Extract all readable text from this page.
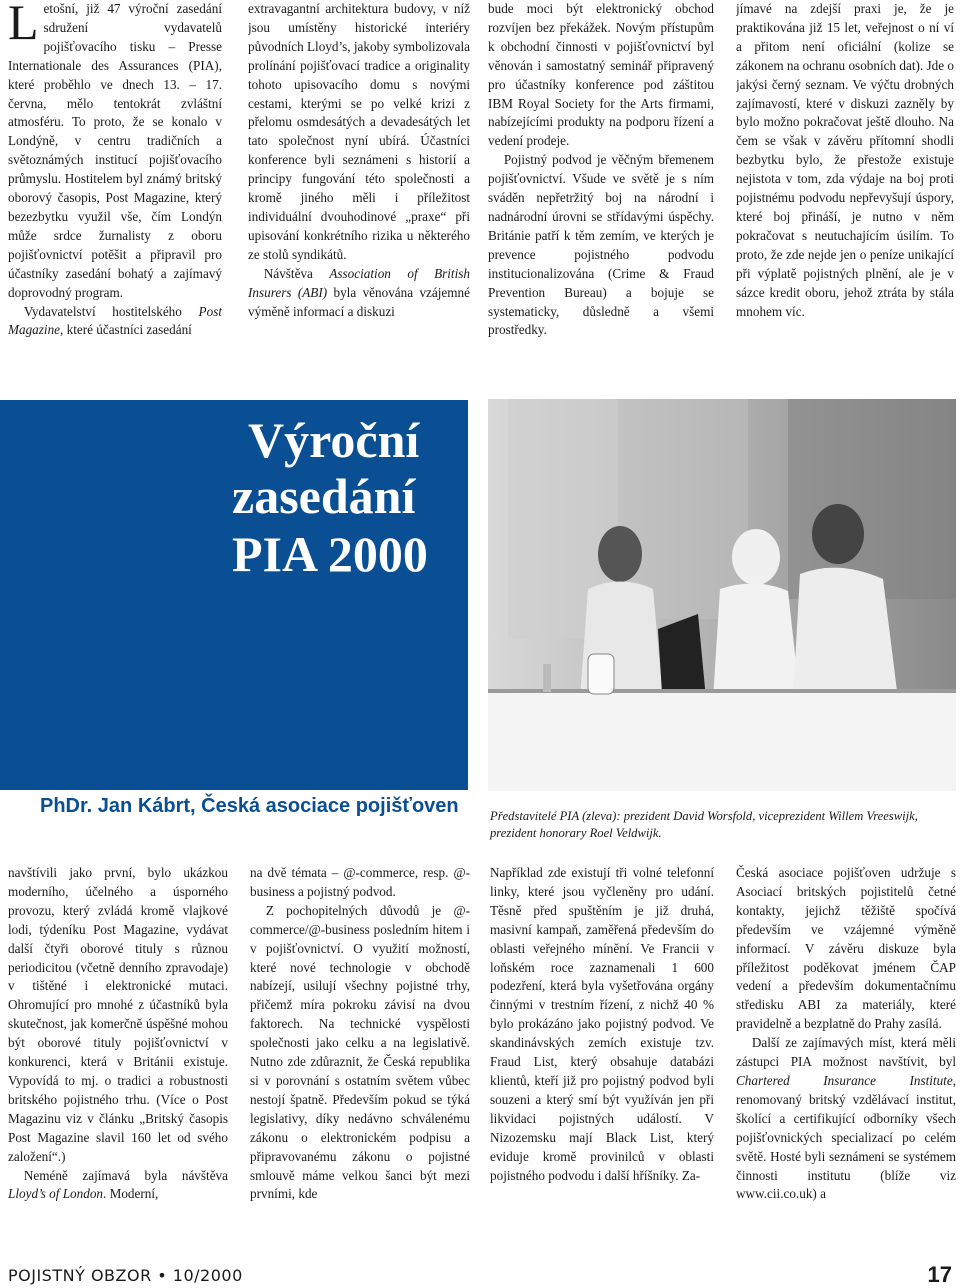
Letošní, již 47 výroční zasedání sdružení vydavatelů pojišťovacího tisku – Presse Internationale des Assurances (PIA), které proběhlo ve dnech 13. – 17. června, mělo tentokrát zvláštní atmosféru. To proto, že se konalo v Londýně, v centru tradičních a světoznámých institucí pojišťovacího průmyslu. Hostitelem byl známý britský oborový časopis, Post Magazine, který bezezbytku využil vše, čím Londýn může srdce žurnalisty z oboru pojišťovnictví potěšit a připravil pro účastníky zasedání bohatý a zajímavý doprovodný program.

Vydavatelství hostitelského Post Magazine, které účastníci zasedání

extravagantní architektura budovy, v níž jsou umístěny historické interiéry původních Lloyd’s, jakoby symbolizovala prolínání pojišťovací tradice a originality tohoto upisovacího domu s novými cestami, kterými se po velké krizi z přelomu osmdesátých a devadesátých let tato společnost nyní ubírá. Účastníci konference byli seznámeni s historií a principy fungování této společnosti a kromě jiného měli i příležitost individuální dvouhodinové „praxe“ při upisování konkrétního rizika u některého ze stolů syndikátů.

Návštěva Association of British Insurers (ABI) byla věnována vzájemné výměně informací a diskuzi

bude moci být elektronický obchod rozvíjen bez překážek. Novým přístupům k obchodní činnosti v pojišťovnictví byl věnován i samostatný seminář připravený pro účastníky konference pod záštitou IBM Royal Society for the Arts firmami, nabízejícími produkty na podporu řízení a vedení prodeje.

Pojistný podvod je věčným břemenem pojišťovnictví. Všude ve světě je s ním sváděn nepřetržitý boj na národní i nadnárodní úrovni se střídavými úspěchy. Británie patří k těm zemím, ve kterých je prevence pojistného podvodu institucionalizována (Crime & Fraud Prevention Bureau) a bojuje se systematicky, důsledně a všemi prostředky.

jímavé na zdejší praxi je, že je praktikována již 15 let, veřejnost o ní ví a přitom není oficiální (kolize se zákonem na ochranu osobních dat). Jde o jakýsi černý seznam. Ve výčtu drobných zajímavostí, které v diskuzi zazněly by bylo možno pokračovat ještě dlouho. Na čem se však v závěru přítomní shodli bezbytku bylo, že přestože existuje nejistota v tom, zda výdaje na boj proti pojistnému podvodu nepřevyšují úspory, které boj přináší, je nutno v něm pokračovat s neutuchajícím úsilím. To proto, že zde nejde jen o peníze unikající při výplatě pojistných plnění, ale je v sázce kredit oboru, jehož ztráta by stála mnohem víc.

Výroční
zasedání
PIA 2000
PhDr. Jan Kábrt, Česká asociace pojišťoven	Představitelé PIA (zleva): prezident David Worsfold, viceprezident Willem Vreeswijk, prezident honorary Roel Veldwijk.

navštívili jako první, bylo ukázkou moderního, účelného a úsporného provozu, který zvládá kromě vlajkové lodi, týdeníku Post Magazine, vydávat další čtyři oborové tituly s různou periodicitou (včetně denního zpravodaje) v tištěné i elektronické mutaci. Ohromující pro mnohé z účastníků byla skutečnost, jak komerčně úspěšné mohou být oborové tituly pojišťovnictví v konkurenci, která v Británii existuje. Vypovídá to mj. o tradici a robustnosti britského pojistného trhu. (Více o Post Magazinu viz v článku „Britský časopis Post Magazine slavil 160 let od svého založení“.)

Neméně zajímavá byla návštěva Lloyd’s of London. Moderní,

na dvě témata – @-commerce, resp. @-business a pojistný podvod.

Z pochopitelných důvodů je @-commerce/@-business posledním hitem i v pojišťovnictví. O využití možností, které nové technologie v obchodě nabízejí, usilují všechny pojistné trhy, přičemž míra pokroku závisí na dvou faktorech. Na technické vyspělosti společnosti jako celku a na legislativě. Nutno zde zdůraznit, že Česká republika si v porovnání s ostatním světem vůbec nestojí špatně. Především pokud se týká legislativy, díky nedávno schválenému zákonu o elektronickém podpisu a připravovanému zákonu o pojistné smlouvě máme velkou šanci být mezi prvními, kde

Například zde existují tři volné telefonní linky, které jsou vyčleněny pro udání. Těsně před spuštěním je již druhá, masivní kampaň, zaměřená především do oblasti veřejného mínění. Ve Francii v loňském roce zaznamenali 1 600 podezření, která byla vyšetřována orgány činnými v trestním řízení, z nichž 40 % bylo prokázáno jako pojistný podvod. Ve skandinávských zemích existuje tzv. Fraud List, který obsahuje databázi klientů, kteří již pro pojistný podvod byli souzeni a který smí být využíván jen při likvidaci pojistných událostí. V Nizozemsku mají Black List, který eviduje kromě provinilců v oblasti pojistného podvodu i další hříšníky. Za-

Česká asociace pojišťoven udržuje s Asociací britských pojistitelů četné kontakty, jejichž těžiště spočívá především ve vzájemné výměně informací. V závěru diskuze byla příležitost poděkovat jménem ČAP vedení a především dokumentačnímu středisku ABI za materiály, které pravidelně a bezplatně do Prahy zasílá.

Další ze zajímavých míst, která měli zástupci PIA možnost navštívit, byl Chartered Insurance Institute, renomovaný britský vzdělávací institut, školící a certifikující odborníky všech pojišťovnických specializací po celém světě. Hosté byli seznámeni se systémem činnosti institutu (blíže viz www.cii.co.uk) a

POJISTNÝ OBZOR • 10/2000	17
